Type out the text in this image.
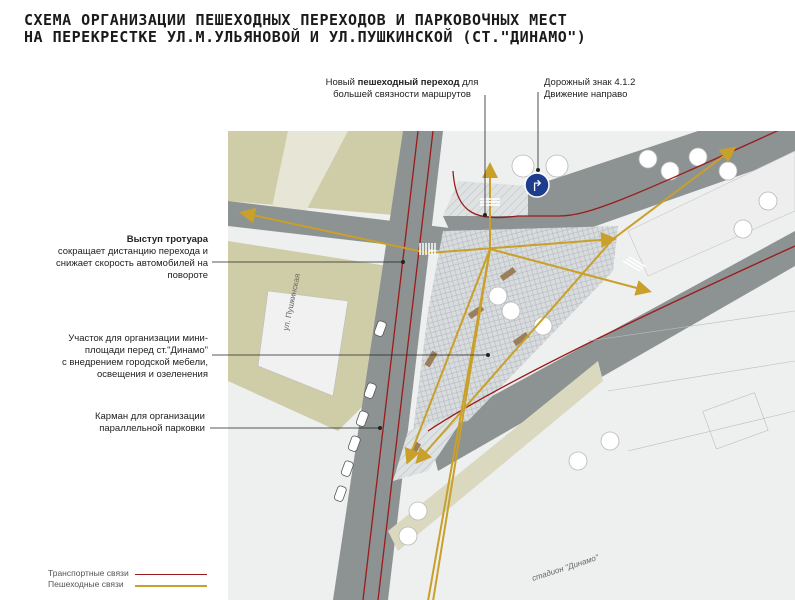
СХЕМА ОРГАНИЗАЦИИ ПЕШЕХОДНЫХ ПЕРЕХОДОВ И ПАРКОВОЧНЫХ МЕСТ
НА ПЕРЕКРЕСТКЕ УЛ.М.УЛЬЯНОВОЙ И УЛ.ПУШКИНСКОЙ (СТ."ДИНАМО")
Новый пешеходный переход для
большей связности маршрутов
Дорожный знак 4.1.2
Движение направо
Выступ тротуара
сокращает дистанцию перехода и
снижает скорость автомобилей на
повороте
Участок для организации мини-
площади перед ст."Динамо"
с внедрением городской мебели,
освещения и озеленения
Карман для организации
параллельной парковки
↱
ул. Пушкинская
стадион "Динамо"
Транспортные связи
Пешеходные связи
